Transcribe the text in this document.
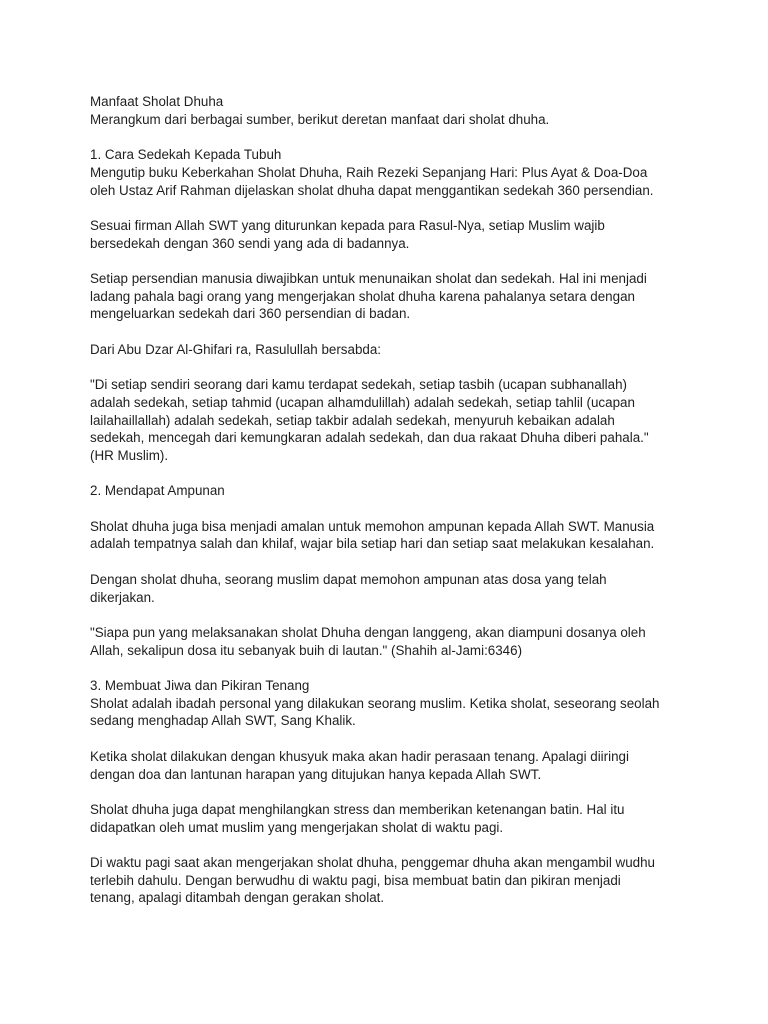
Manfaat Sholat Dhuha
Merangkum dari berbagai sumber, berikut deretan manfaat dari sholat dhuha.

1. Cara Sedekah Kepada Tubuh
Mengutip buku Keberkahan Sholat Dhuha, Raih Rezeki Sepanjang Hari: Plus Ayat & Doa-Doa
oleh Ustaz Arif Rahman dijelaskan sholat dhuha dapat menggantikan sedekah 360 persendian.

Sesuai firman Allah SWT yang diturunkan kepada para Rasul-Nya, setiap Muslim wajib
bersedekah dengan 360 sendi yang ada di badannya.

Setiap persendian manusia diwajibkan untuk menunaikan sholat dan sedekah. Hal ini menjadi
ladang pahala bagi orang yang mengerjakan sholat dhuha karena pahalanya setara dengan
mengeluarkan sedekah dari 360 persendian di badan.

Dari Abu Dzar Al-Ghifari ra, Rasulullah bersabda:

"Di setiap sendiri seorang dari kamu terdapat sedekah, setiap tasbih (ucapan subhanallah)
adalah sedekah, setiap tahmid (ucapan alhamdulillah) adalah sedekah, setiap tahlil (ucapan
lailahaillallah) adalah sedekah, setiap takbir adalah sedekah, menyuruh kebaikan adalah
sedekah, mencegah dari kemungkaran adalah sedekah, dan dua rakaat Dhuha diberi pahala."
(HR Muslim).

2. Mendapat Ampunan

Sholat dhuha juga bisa menjadi amalan untuk memohon ampunan kepada Allah SWT. Manusia
adalah tempatnya salah dan khilaf, wajar bila setiap hari dan setiap saat melakukan kesalahan.

Dengan sholat dhuha, seorang muslim dapat memohon ampunan atas dosa yang telah
dikerjakan.

"Siapa pun yang melaksanakan sholat Dhuha dengan langgeng, akan diampuni dosanya oleh
Allah, sekalipun dosa itu sebanyak buih di lautan." (Shahih al-Jami:6346)

3. Membuat Jiwa dan Pikiran Tenang
Sholat adalah ibadah personal yang dilakukan seorang muslim. Ketika sholat, seseorang seolah
sedang menghadap Allah SWT, Sang Khalik.

Ketika sholat dilakukan dengan khusyuk maka akan hadir perasaan tenang. Apalagi diiringi
dengan doa dan lantunan harapan yang ditujukan hanya kepada Allah SWT.

Sholat dhuha juga dapat menghilangkan stress dan memberikan ketenangan batin. Hal itu
didapatkan oleh umat muslim yang mengerjakan sholat di waktu pagi.

Di waktu pagi saat akan mengerjakan sholat dhuha, penggemar dhuha akan mengambil wudhu
terlebih dahulu. Dengan berwudhu di waktu pagi, bisa membuat batin dan pikiran menjadi
tenang, apalagi ditambah dengan gerakan sholat.
